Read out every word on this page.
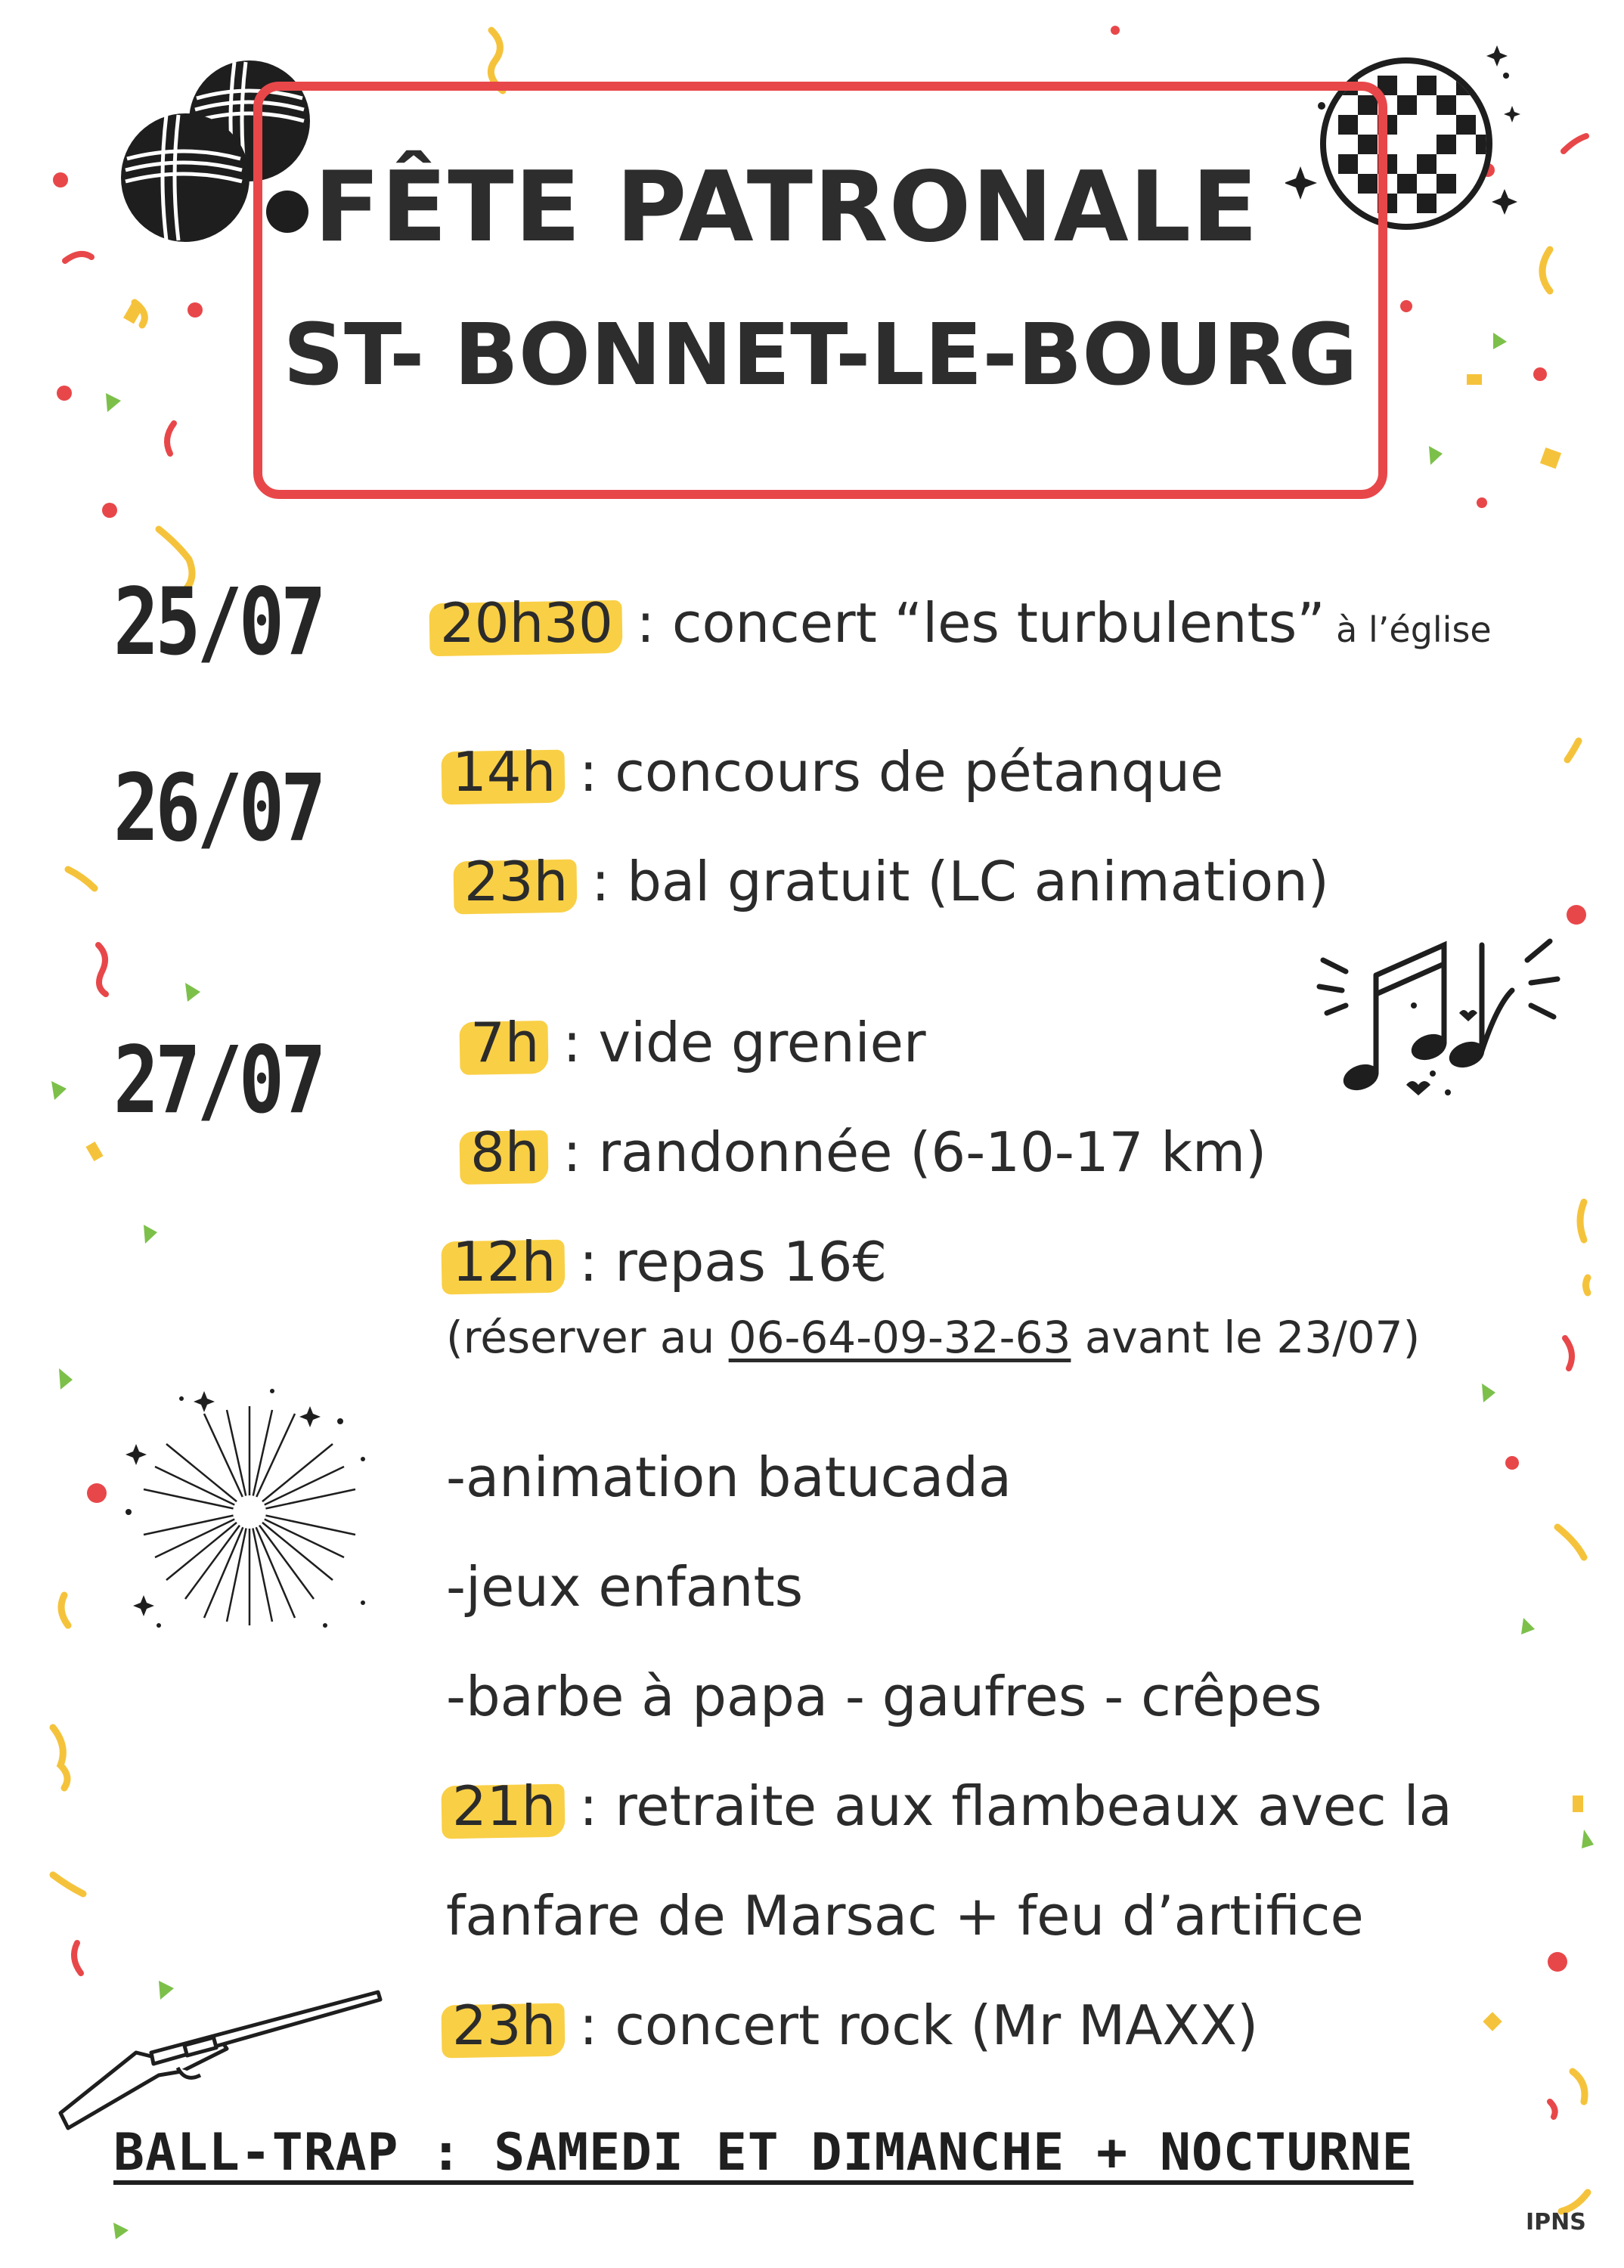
FÊTE PATRONALE
ST- BONNET-LE-BOURG
25/07 20h30 : concert “les turbulents” à l’église
26/07 14h : concours de pétanque
23h : bal gratuit (LC animation)
27/07	7h : vide grenier
8h : randonnée (6-10-17 km)
12h : repas 16€
(réserver au 06-64-09-32-63 avant le 23/07)
-animation batucada
-jeux enfants
-barbe à papa - gaufres - crêpes
21h : retraite aux flambeaux avec la
fanfare de Marsac + feu d’artifice
23h : concert rock (Mr MAXX)
BALL-TRAP : SAMEDI ET DIMANCHE + NOCTURNE
IPNS
